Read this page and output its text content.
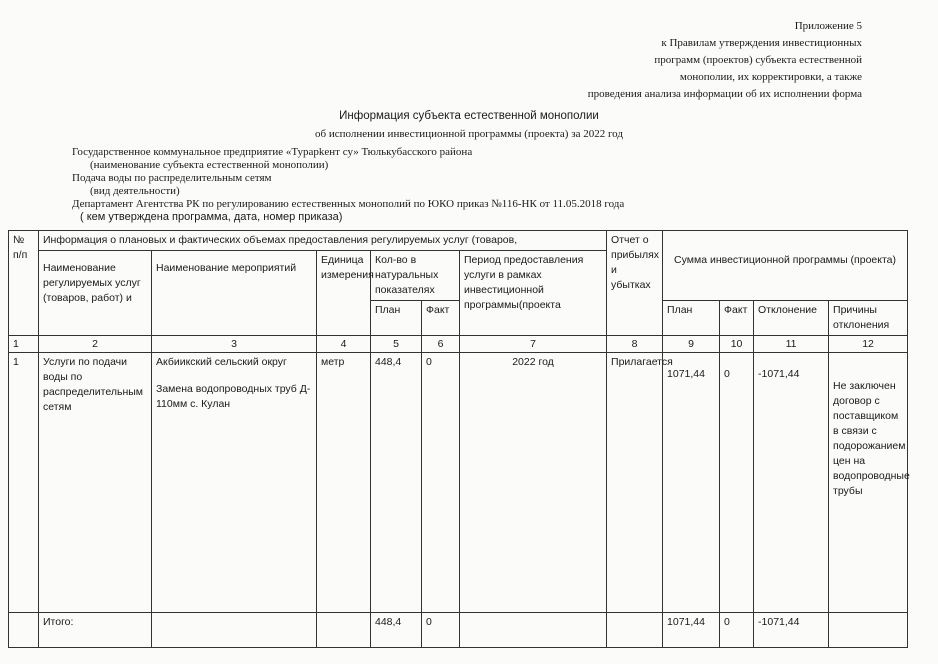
Приложение 5
к Правилам утверждения инвестиционных
программ (проектов) субъекта естественной
монополии, их корректировки, а также
проведения анализа информации об их исполнении форма
Информация субъекта естественной монополии
об исполнении инвестиционной программы (проекта) за 2022 год
Государственное коммунальное предприятие «Турарkент су» Тюлькубасского района
(наименование субъекта естественной монополии)
Подача воды по распределительным сетям
(вид деятельности)
Департамент Агентства РК по регулированию естественных монополий по ЮКО приказ №116-НК от 11.05.2018 года
( кем утверждена программа, дата, номер приказа)
№ п/п	Информация о плановых и фактических объемах предоставления регулируемых услуг (товаров,						Отчет о прибылях и убытках				

	Наименование регулируемых услуг (товаров, работ) и	Наименование мероприятий	Единица измерения	Кол-во в натуральных показателях		Период предоставления услуги в рамках инвестиционной программы(проекта		Сумма инвестиционной программы (проекта)			
				План	Факт			План	Факт	Отклонение	Причины отклонения
1	2	3	4	5	6	7	8	9	10	11	12
1	Услуги по подачи воды по распределительным сетям	Акбиикский сельский округ
Замена водопроводных труб Д- 110мм с. Кулан	метр	448,4	0	2022 год	Прилагается	1071,44	0	-1071,44	Не заключен договор с поставщиком в связи с подорожанием цен на водопроводные трубы
	Итого:			448,4	0			1071,44	0	-1071,44	
